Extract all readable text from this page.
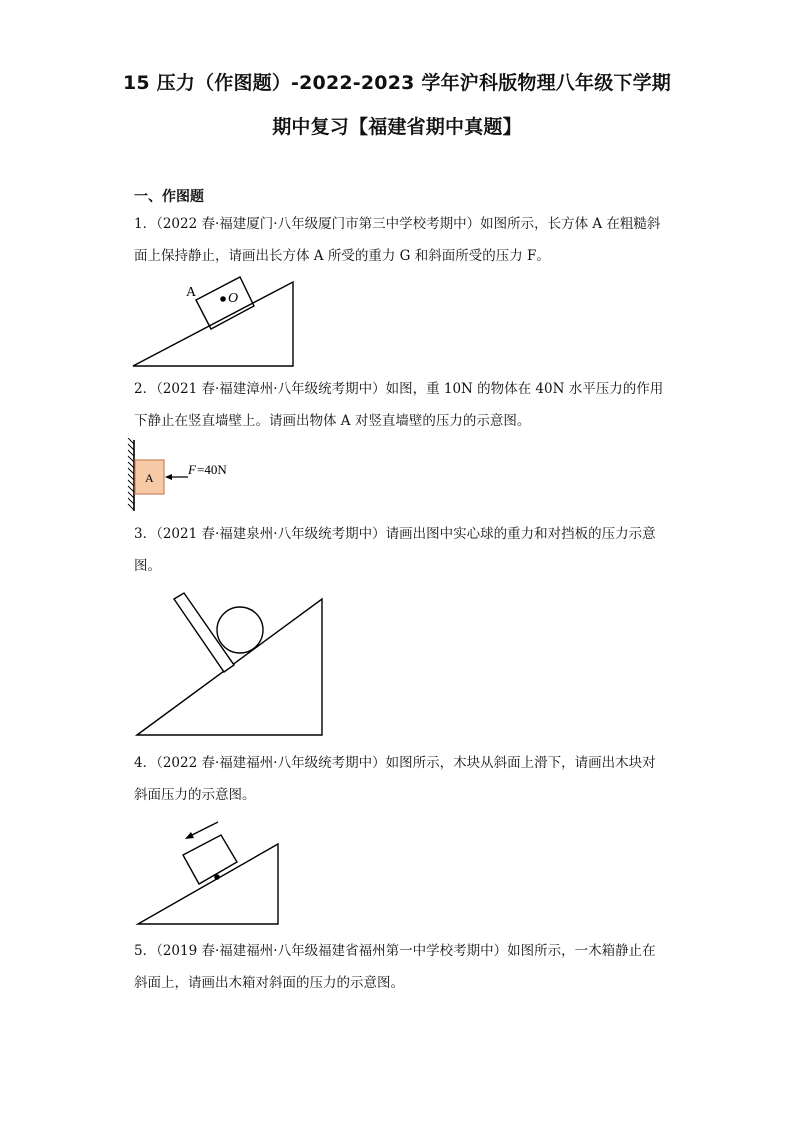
15 压力（作图题）-2022-2023 学年沪科版物理八年级下学期
期中复习【福建省期中真题】
一、作图题
1．（2022 春·福建厦门·八年级厦门市第三中学校考期中）如图所示，长方体 A 在粗糙斜面上保持静止，请画出长方体 A 所受的重力 G 和斜面所受的压力 F。
A O
2．（2021 春·福建漳州·八年级统考期中）如图，重 10N 的物体在 40N 水平压力的作用下静止在竖直墙壁上。请画出物体 A 对竖直墙壁的压力的示意图。
A
F =40N
3．（2021 春·福建泉州·八年级统考期中）请画出图中实心球的重力和对挡板的压力示意图。
4．（2022 春·福建福州·八年级统考期中）如图所示，木块从斜面上滑下，请画出木块对斜面压力的示意图。
5．（2019 春·福建福州·八年级福建省福州第一中学校考期中）如图所示，一木箱静止在斜面上，请画出木箱对斜面的压力的示意图。
